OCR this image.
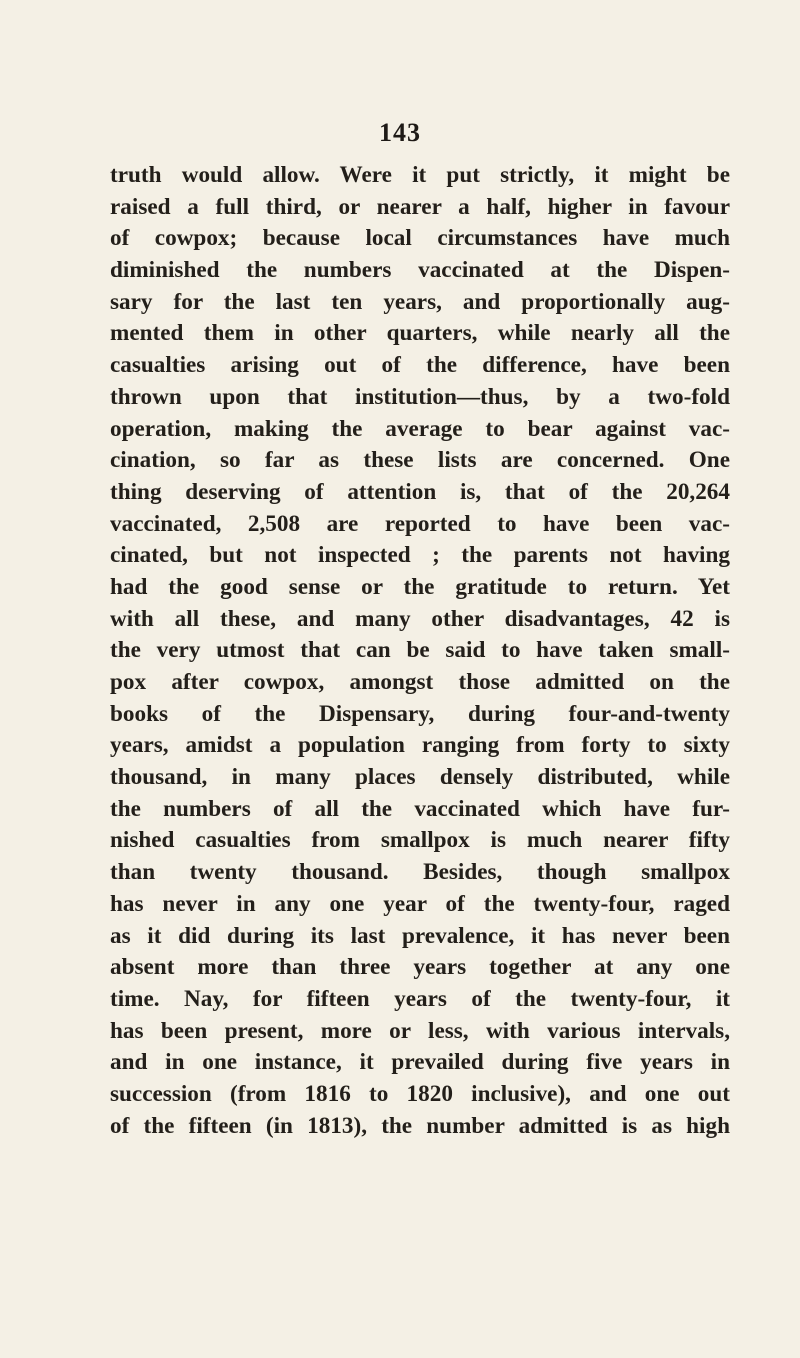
143
truth would allow. Were it put strictly, it might be
raised a full third, or nearer a half, higher in favour
of cowpox; because local circumstances have much
diminished the numbers vaccinated at the Dispen-
sary for the last ten years, and proportionally aug-
mented them in other quarters, while nearly all the
casualties arising out of the difference, have been
thrown upon that institution—thus, by a two-fold
operation, making the average to bear against vac-
cination, so far as these lists are concerned. One
thing deserving of attention is, that of the 20,264
vaccinated, 2,508 are reported to have been vac-
cinated, but not inspected ; the parents not having
had the good sense or the gratitude to return. Yet
with all these, and many other disadvantages, 42 is
the very utmost that can be said to have taken small-
pox after cowpox, amongst those admitted on the
books of the Dispensary, during four-and-twenty
years, amidst a population ranging from forty to sixty
thousand, in many places densely distributed, while
the numbers of all the vaccinated which have fur-
nished casualties from smallpox is much nearer fifty
than twenty thousand. Besides, though smallpox
has never in any one year of the twenty-four, raged
as it did during its last prevalence, it has never been
absent more than three years together at any one
time. Nay, for fifteen years of the twenty-four, it
has been present, more or less, with various intervals,
and in one instance, it prevailed during five years in
succession (from 1816 to 1820 inclusive), and one out
of the fifteen (in 1813), the number admitted is as high
